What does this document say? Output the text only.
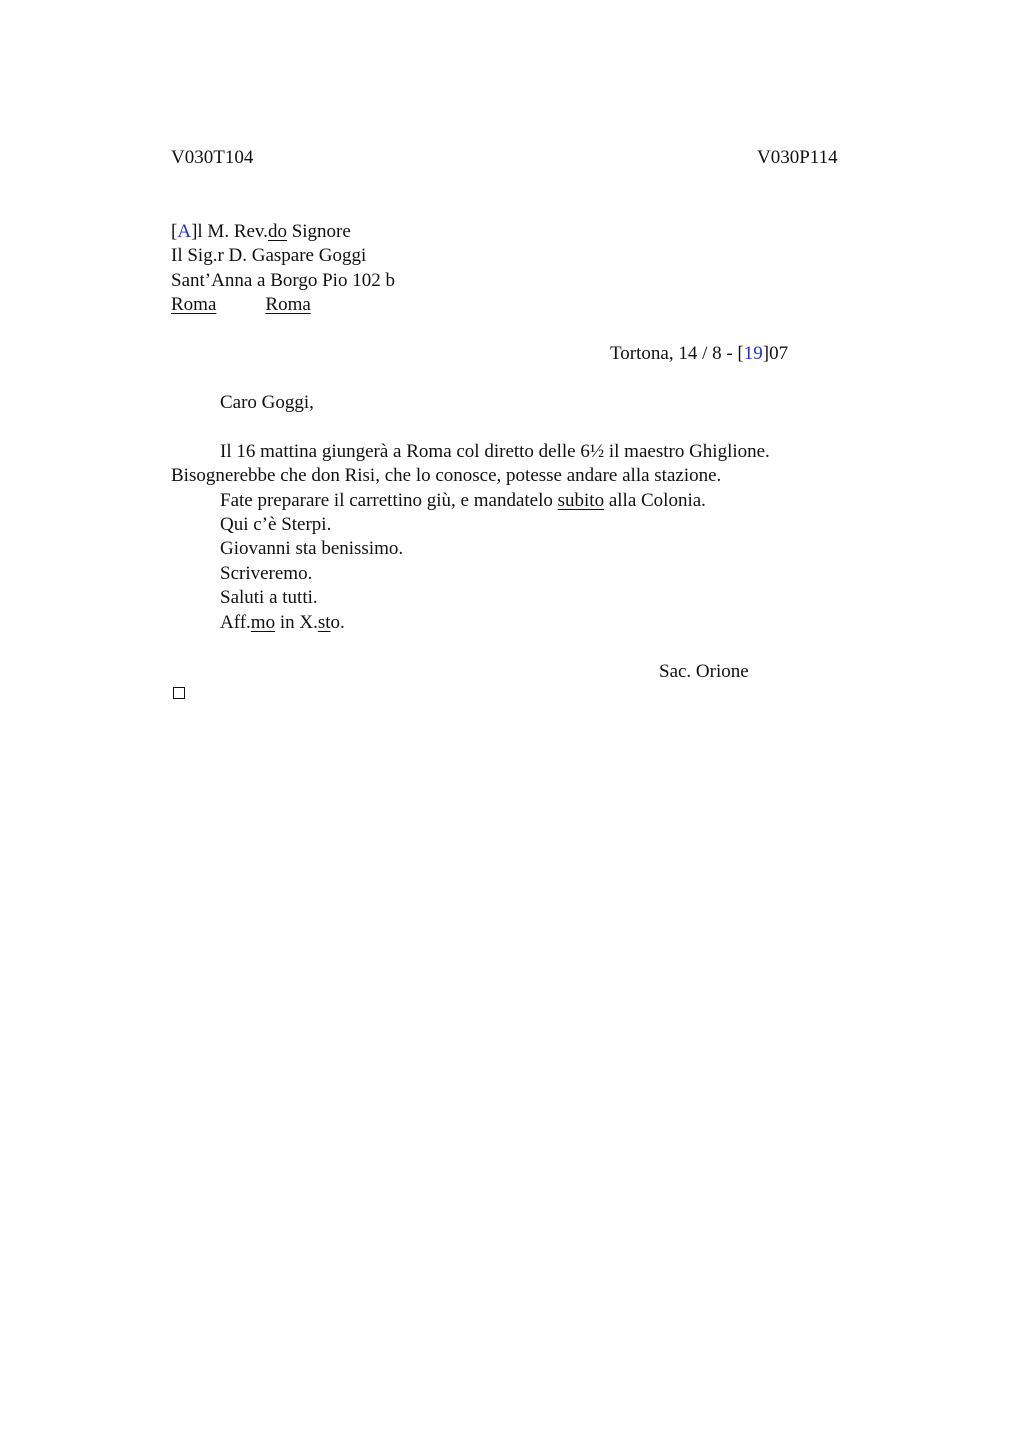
V030T104	V030P114
[A]l M. Rev.do Signore
Il Sig.r D. Gaspare Goggi
Sant’Anna a Borgo Pio 102 b
Roma	Roma
Tortona, 14 / 8 - [19]07
Caro Goggi,
Il 16 mattina giungerà a Roma col diretto delle 6½ il maestro Ghiglione.
Bisognerebbe che don Risi, che lo conosce, potesse andare alla stazione.
Fate preparare il carrettino giù, e mandatelo subito alla Colonia.
Qui c’è Sterpi.
Giovanni sta benissimo.
Scriveremo.
Saluti a tutti.
Aff.mo in X.sto.
Sac. Orione
